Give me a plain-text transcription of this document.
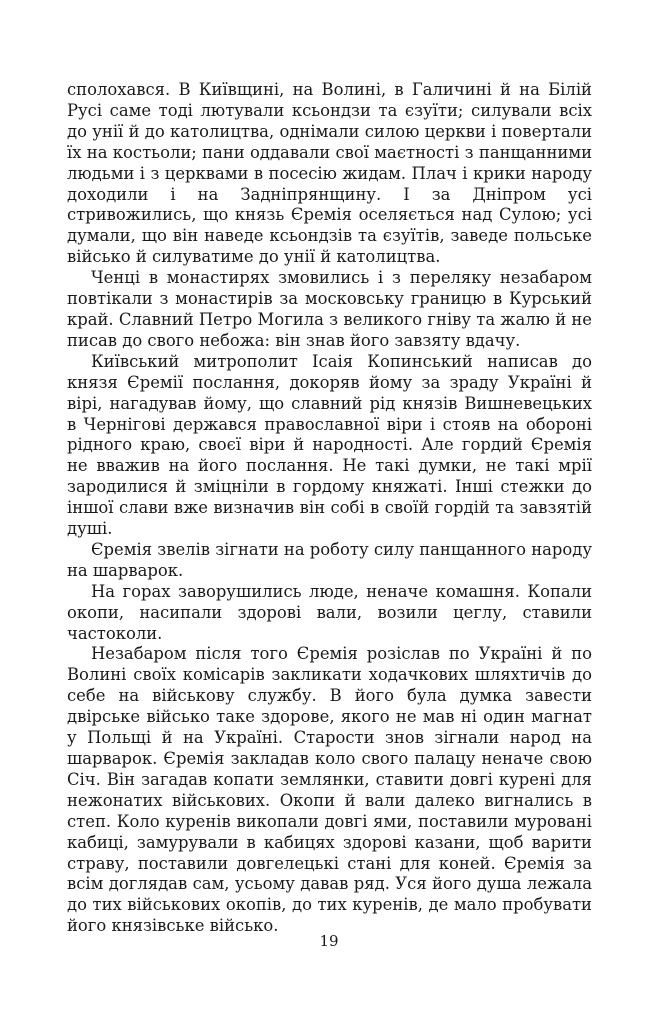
сполохався. В Київщині, на Волині, в Галичині й на Білій Русі саме тоді лютували ксьондзи та єзуїти; силували всіх до унії й до католицтва, однімали силою церкви і повертали їх на костьоли; пани оддавали свої маєтності з панщанними людьми і з церквами в посесію жидам. Плач і крики народу доходили і на Задніпрянщину. І за Дніпром усі стривожились, що князь Єремія оселяється над Сулою; усі думали, що він наведе ксьондзів та єзуїтів, заведе польське військо й силуватиме до унії й католицтва.

Ченці в монастирях змовились і з переляку незабаром повтікали з монастирів за московську границю в Курський край. Славний Петро Могила з великого гніву та жалю й не писав до свого небожа: він знав його завзяту вдачу.

Київський митрополит Ісаія Копинський написав до князя Єремії послання, докоряв йому за зраду Україні й вірі, нагадував йому, що славний рід князів Вишневецьких в Чернігові держався православної віри і стояв на обороні рідного краю, своєї віри й народності. Але гордий Єремія не вважив на його послання. Не такі думки, не такі мрії зародилися й зміцніли в гордому княжаті. Інші стежки до іншої слави вже визначив він собі в своїй гордій та завзятій душі.

Єремія звелів зігнати на роботу силу панщанного народу на шарварок.

На горах заворушились люде, неначе комашня. Копали окопи, насипали здорові вали, возили цеглу, ставили частоколи.

Незабаром після того Єремія розіслав по Україні й по Волині своїх комісарів закликати ходачкових шляхтичів до себе на військову службу. В його була думка завести двірське військо таке здорове, якого не мав ні один магнат у Польщі й на Україні. Старости знов зігнали народ на шарварок. Єремія закладав коло свого палацу неначе свою Січ. Він загадав копати землянки, ставити довгі курені для нежонатих військових. Окопи й вали далеко вигнались в степ. Коло куренів викопали довгі ями, поставили муровані кабиці, замурували в кабицях здорові казани, щоб варити страву, поставили довгелецькі стані для коней. Єремія за всім доглядав сам, усьому давав ряд. Уся його душа лежала до тих військових окопів, до тих куренів, де мало пробувати його князівське військо.

19
